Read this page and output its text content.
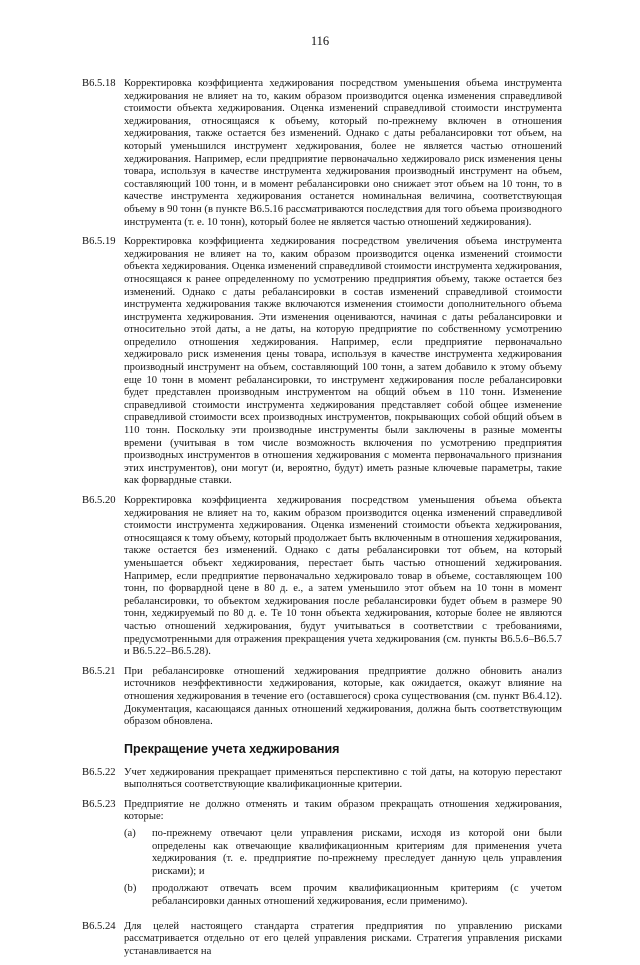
116
B6.5.18 Корректировка коэффициента хеджирования посредством уменьшения объема инструмента хеджирования не влияет на то, каким образом производится оценка изменения справедливой стоимости объекта хеджирования. Оценка изменений справедливой стоимости инструмента хеджирования, относящаяся к объему, который по-прежнему включен в отношения хеджирования, также остается без изменений. Однако с даты ребалансировки тот объем, на который уменьшился инструмент хеджирования, более не является частью отношений хеджирования. Например, если предприятие первоначально хеджировало риск изменения цены товара, используя в качестве инструмента хеджирования производный инструмент на объем, составляющий 100 тонн, и в момент ребалансировки оно снижает этот объем на 10 тонн, то в качестве инструмента хеджирования останется номинальная величина, соответствующая объему в 90 тонн (в пункте B6.5.16 рассматриваются последствия для того объема производного инструмента (т. е. 10 тонн), который более не является частью отношений хеджирования).
B6.5.19 Корректировка коэффициента хеджирования посредством увеличения объема инструмента хеджирования не влияет на то, каким образом производится оценка изменений стоимости объекта хеджирования. Оценка изменений справедливой стоимости инструмента хеджирования, относящаяся к ранее определенному по усмотрению предприятия объему, также остается без изменений. Однако с даты ребалансировки в состав изменений справедливой стоимости инструмента хеджирования также включаются изменения стоимости дополнительного объема инструмента хеджирования. Эти изменения оцениваются, начиная с даты ребалансировки и относительно этой даты, а не даты, на которую предприятие по собственному усмотрению определило отношения хеджирования. Например, если предприятие первоначально хеджировало риск изменения цены товара, используя в качестве инструмента хеджирования производный инструмент на объем, составляющий 100 тонн, а затем добавило к этому объему еще 10 тонн в момент ребалансировки, то инструмент хеджирования после ребалансировки будет представлен производным инструментом на общий объем в 110 тонн. Изменение справедливой стоимости инструмента хеджирования представляет собой общее изменение справедливой стоимости всех производных инструментов, покрывающих собой общий объем в 110 тонн. Поскольку эти производные инструменты были заключены в разные моменты времени (учитывая в том числе возможность включения по усмотрению предприятия производных инструментов в отношения хеджирования с момента первоначального признания этих инструментов), они могут (и, вероятно, будут) иметь разные ключевые параметры, такие как форвардные ставки.
B6.5.20 Корректировка коэффициента хеджирования посредством уменьшения объема объекта хеджирования не влияет на то, каким образом производится оценка изменений справедливой стоимости инструмента хеджирования. Оценка изменений стоимости объекта хеджирования, относящаяся к тому объему, который продолжает быть включенным в отношения хеджирования, также остается без изменений. Однако с даты ребалансировки тот объем, на который уменьшается объект хеджирования, перестает быть частью отношений хеджирования. Например, если предприятие первоначально хеджировало товар в объеме, составляющем 100 тонн, по форвардной цене в 80 д. е., а затем уменьшило этот объем на 10 тонн в момент ребалансировки, то объектом хеджирования после ребалансировки будет объем в размере 90 тонн, хеджируемый по 80 д. е. Те 10 тонн объекта хеджирования, которые более не являются частью отношений хеджирования, будут учитываться в соответствии с требованиями, предусмотренными для отражения прекращения учета хеджирования (см. пункты B6.5.6–B6.5.7 и B6.5.22–B6.5.28).
B6.5.21 При ребалансировке отношений хеджирования предприятие должно обновить анализ источников неэффективности хеджирования, которые, как ожидается, окажут влияние на отношения хеджирования в течение его (оставшегося) срока существования (см. пункт B6.4.12). Документация, касающаяся данных отношений хеджирования, должна быть соответствующим образом обновлена.
Прекращение учета хеджирования
B6.5.22 Учет хеджирования прекращает применяться перспективно с той даты, на которую перестают выполняться соответствующие квалификационные критерии.
B6.5.23 Предприятие не должно отменять и таким образом прекращать отношения хеджирования, которые:
(a)	по-прежнему отвечают цели управления рисками, исходя из которой они были определены как отвечающие квалификационным критериям для применения учета хеджирования (т. е. предприятие по-прежнему преследует данную цель управления рисками); и
(b)	продолжают отвечать всем прочим квалификационным критериям (с учетом ребалансировки данных отношений хеджирования, если применимо).
B6.5.24 Для целей настоящего стандарта стратегия предприятия по управлению рисками рассматривается отдельно от его целей управления рисками. Стратегия управления рисками устанавливается на
